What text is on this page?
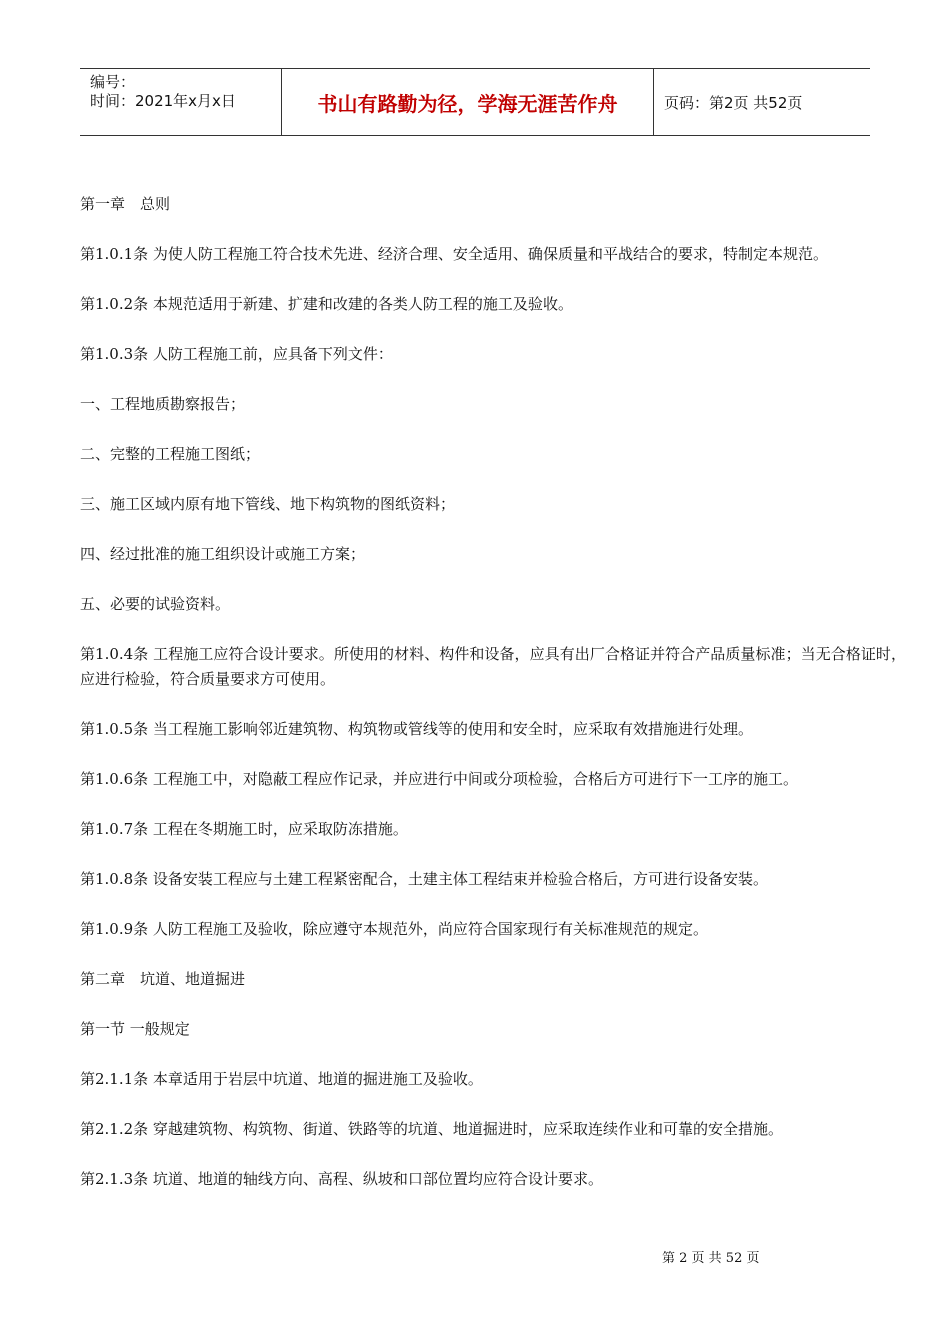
编号：
时间：2021年x月x日	书山有路勤为径，学海无涯苦作舟	页码：第2页 共52页

第一章　总则

第1.0.1条 为使人防工程施工符合技术先进、经济合理、安全适用、确保质量和平战结合的要求，特制定本规范。

第1.0.2条 本规范适用于新建、扩建和改建的各类人防工程的施工及验收。

第1.0.3条 人防工程施工前，应具备下列文件：

一、工程地质勘察报告；

二、完整的工程施工图纸；

三、施工区域内原有地下管线、地下构筑物的图纸资料；

四、经过批准的施工组织设计或施工方案；

五、必要的试验资料。

第1.0.4条 工程施工应符合设计要求。所使用的材料、构件和设备，应具有出厂合格证并符合产品质量标准；当无合格证时，应进行检验，符合质量要求方可使用。

第1.0.5条 当工程施工影响邻近建筑物、构筑物或管线等的使用和安全时，应采取有效措施进行处理。

第1.0.6条 工程施工中，对隐蔽工程应作记录，并应进行中间或分项检验，合格后方可进行下一工序的施工。

第1.0.7条 工程在冬期施工时，应采取防冻措施。

第1.0.8条 设备安装工程应与土建工程紧密配合，土建主体工程结束并检验合格后，方可进行设备安装。

第1.0.9条 人防工程施工及验收，除应遵守本规范外，尚应符合国家现行有关标准规范的规定。

第二章　坑道、地道掘进

第一节 一般规定

第2.1.1条 本章适用于岩层中坑道、地道的掘进施工及验收。

第2.1.2条 穿越建筑物、构筑物、街道、铁路等的坑道、地道掘进时，应采取连续作业和可靠的安全措施。

第2.1.3条 坑道、地道的轴线方向、高程、纵坡和口部位置均应符合设计要求。

第 2 页 共 52 页
